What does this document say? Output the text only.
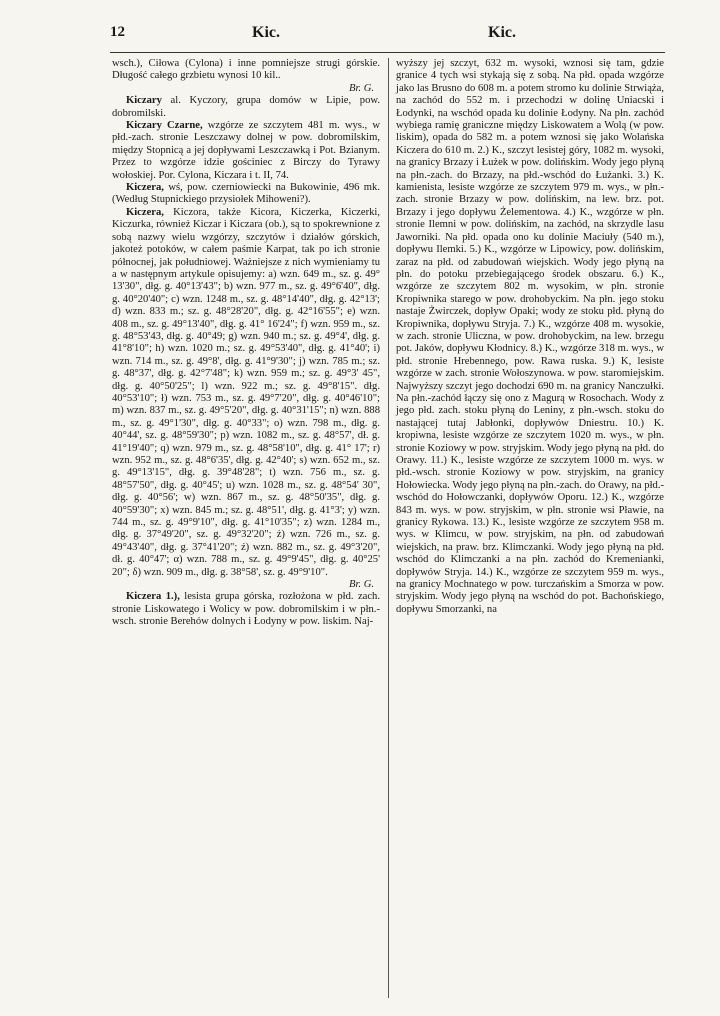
12	Kic.	Kic.

wsch.), Ciłowa (Cylona) i inne pomniejsze strugi górskie. Długość całego grzbietu wynosi 10 kil..
Br. G.

Kiczary al. Kyczory, grupa domów w Lipie, pow. dobromilski.

Kiczary Czarne, wzgórze ze szczytem 481 m. wys., w płd.-zach. stronie Leszczawy dolnej w pow. dobromilskim, między Stopnicą a jej dopływami Leszczawką i Pot. Bzianym. Przez to wzgórze idzie gościniec z Birczy do Tyrawy wołoskiej. Por. Cylona, Kiczara i t. II, 74.

Kiczera, wś, pow. czerniowiecki na Bukowinie, 496 mk. (Według Stupnickiego przysiołek Mihoweni?).

Kiczera, Kiczora, także Kicora, Kiczerka, Kiczerki, Kiczurka, również Kiczar i Kiczara (ob.), są to spokrewnione z sobą nazwy wielu wzgórzy, szczytów i działów górskich, jakoteż potoków, w całem paśmie Karpat, tak po ich stronie północnej, jak południowej. Ważniejsze z nich wymieniamy tu a w następnym artykule opisujemy: a) wzn. 649 m., sz. g. 49° 13'30", dłg. g. 40°13'43"; b) wzn. 977 m., sz. g. 49°6'40", dłg. g. 40°20'40"; c) wzn. 1248 m., sz. g. 48°14'40", dłg. g. 42°13'; d) wzn. 833 m.; sz. g. 48°28'20", dłg. g. 42°16'55"; e) wzn. 408 m., sz. g. 49°13'40", dłg. g. 41° 16'24"; f) wzn. 959 m., sz. g. 48°53'43, dłg. g. 40°49; g) wzn. 940 m.; sz. g. 49°4', dłg. g. 41°8'10"; h) wzn. 1020 m.; sz. g. 49°53'40", dłg. g. 41°40'; i) wzn. 714 m., sz. g. 49°8', dłg. g. 41°9'30"; j) wzn. 785 m.; sz. g. 48°37', dłg. g. 42°7'48"; k) wzn. 959 m.; sz. g. 49°3' 45", dłg. g. 40°50'25"; l) wzn. 922 m.; sz. g. 49°8'15". dłg. 40°53'10"; ł) wzn. 753 m., sz. g. 49°7'20", dłg. g. 40°46'10"; m) wzn. 837 m., sz. g. 49°5'20", dłg. g. 40°31'15"; n) wzn. 888 m., sz. g. 49°1'30", dłg. g. 40°33"; o) wzn. 798 m., dłg. g. 40°44', sz. g. 48°59'30"; p) wzn. 1082 m., sz. g. 48°57', dł. g. 41°19'40"; q) wzn. 979 m., sz. g. 48°58'10", dłg. g. 41° 17'; r) wzn. 952 m., sz. g. 48°6'35', dłg. g. 42°40'; s) wzn. 652 m., sz. g. 49°13'15", dłg. g. 39°48'28"; t) wzn. 756 m., sz. g. 48°57'50", dłg. g. 40°45'; u) wzn. 1028 m., sz. g. 48°54' 30", dłg. g. 40°56'; w) wzn. 867 m., sz. g. 48°50'35", dłg. g. 40°59'30"; x) wzn. 845 m.; sz. g. 48°51', dłg. g. 41°3'; y) wzn. 744 m., sz. g. 49°9'10", dłg. g. 41°10'35"; z) wzn. 1284 m., dłg. g. 37°49'20", sz. g. 49°32'20"; ż) wzn. 726 m., sz. g. 49°43'40", dłg. g. 37°41'20"; ź) wzn. 882 m., sz. g. 49°3'20", dł. g. 40°47'; α) wzn. 788 m., sz. g. 49°9'45", dłg. g. 40°25' 20"; δ) wzn. 909 m., dłg. g. 38°58', sz. g. 49°9'10".
Br. G.

Kiczera 1.), lesista grupa górska, rozłożona w płd. zach. stronie Liskowatego i Wolicy w pow. dobromilskim i w płn.-wsch. stronie Berehów dolnych i Łodyny w pow. liskim. Naj-

wyższy jej szczyt, 632 m. wysoki, wznosi się tam, gdzie granice 4 tych wsi stykają się z sobą. Na płd. opada wzgórze jako las Brusno do 608 m. a potem stromo ku dolinie Strwiąża, na zachód do 552 m. i przechodzi w dolinę Uniacski i Łodynki, na wschód opada ku dolinie Łodyny. Na płn. zachód wybiega ramię graniczne między Liskowatem a Wolą (w pow. liskim), opada do 582 m. a potem wznosi się jako Wolańska Kiczera do 610 m. 2.) K., szczyt lesistej góry, 1082 m. wysoki, na granicy Brzazy i Łużek w pow. dolińskim. Wody jego płyną na płn.-zach. do Brzazy, na płd.-wschód do Łużanki. 3.) K. kamienista, lesiste wzgórze ze szczytem 979 m. wys., w płn.-zach. stronie Brzazy w pow. dolińskim, na lew. brz. pot. Brzazy i jego dopływu Żelementowa. 4.) K., wzgórze w płn. stronie Ilemni w pow. dolińskim, na zachód, na skrzydle lasu Jaworniki. Na płd. opada ono ku dolinie Maciuły (540 m.), dopływu Ilemki. 5.) K., wzgórze w Lipowicy, pow. dolińskim, zaraz na płd. od zabudowań wiejskich. Wody jego płyną na płn. do potoku przebiegającego środek obszaru. 6.) K., wzgórze ze szczytem 802 m. wysokim, w płn. stronie Kropiwnika starego w pow. drohobyckim. Na płn. jego stoku nastaje Żwirczek, dopływ Opaki; wody ze stoku płd. płyną do Kropiwnika, dopływu Stryja. 7.) K., wzgórze 408 m. wysokie, w zach. stronie Uliczna, w pow. drohobyckim, na lew. brzegu pot. Jaków, dopływu Kłodnicy. 8.) K., wzgórze 318 m. wys., w płd. stronie Hrebennego, pow. Rawa ruska. 9.) K, lesiste wzgórze w zach. stronie Wołoszynowa. w pow. staromiejskim. Najwyższy szczyt jego dochodzi 690 m. na granicy Nanczułki. Na płn.-zachód łączy się ono z Magurą w Rosochach. Wody z jego płd. zach. stoku płyną do Leniny, z płn.-wsch. stoku do nastającej tutaj Jabłonki, dopływów Dniestru. 10.) K. kropiwna, lesiste wzgórze ze szczytem 1020 m. wys., w płn. stronie Koziowy w pow. stryjskim. Wody jego płyną na płd. do Orawy. 11.) K., lesiste wzgórze ze szczytem 1000 m. wys. w płd.-wsch. stronie Koziowy w pow. stryjskim, na granicy Hołowiecka. Wody jego płyną na płn.-zach. do Orawy, na płd.-wschód do Hołowczanki, dopływów Oporu. 12.) K., wzgórze 843 m. wys. w pow. stryjskim, w płn. stronie wsi Pławie, na granicy Rykowa. 13.) K., lesiste wzgórze ze szczytem 958 m. wys. w Klimcu, w pow. stryjskim, na płn. od zabudowań wiejskich, na praw. brz. Klimczanki. Wody jego płyną na płd. wschód do Klimczanki a na płn. zachód do Kremenianki, dopływów Stryja. 14.) K., wzgórze ze szczytem 959 m. wys., na granicy Mochnatego w pow. turczańskim a Smorza w pow. stryjskim. Wody jego płyną na wschód do pot. Bachońskiego, dopływu Smorzanki, na
